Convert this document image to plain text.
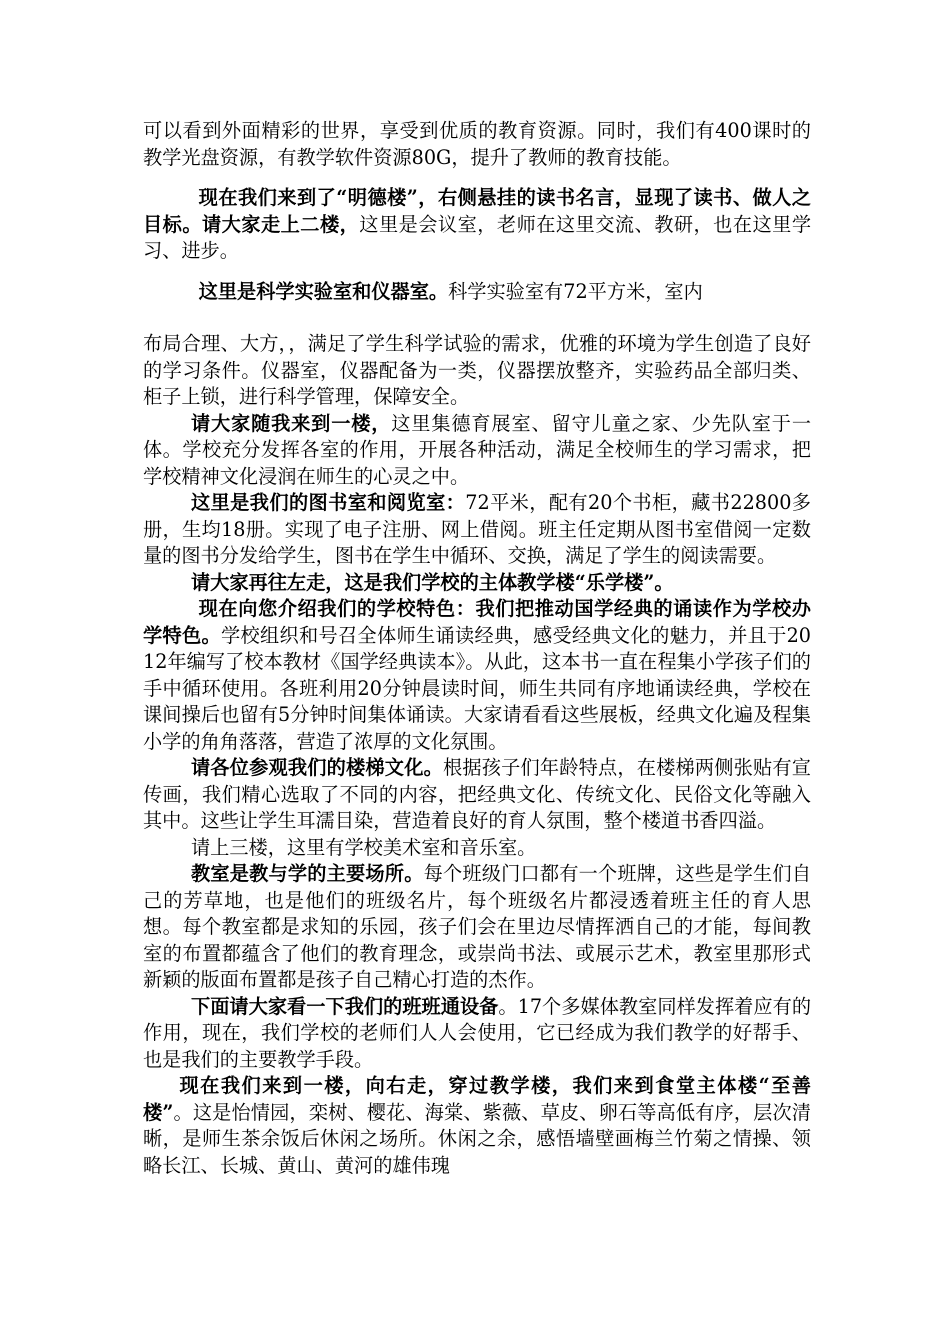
可以看到外面精彩的世界，享受到优质的教育资源。同时，我们有400课时的教学光盘资源，有教学软件资源80G，提升了教师的教育技能。

现在我们来到了“明德楼”，右侧悬挂的读书名言，显现了读书、做人之目标。请大家走上二楼，这里是会议室，老师在这里交流、教研，也在这里学习、进步。

这里是科学实验室和仪器室。科学实验室有72平方米，室内

布局合理、大方，，满足了学生科学试验的需求，优雅的环境为学生创造了良好的学习条件。仪器室，仪器配备为一类，仪器摆放整齐，实验药品全部归类、柜子上锁，进行科学管理，保障安全。

请大家随我来到一楼，这里集德育展室、留守儿童之家、少先队室于一体。学校充分发挥各室的作用，开展各种活动，满足全校师生的学习需求，把学校精神文化浸润在师生的心灵之中。

这里是我们的图书室和阅览室：72平米，配有20个书柜，藏书22800多册，生均18册。实现了电子注册、网上借阅。班主任定期从图书室借阅一定数量的图书分发给学生，图书在学生中循环、交换，满足了学生的阅读需要。

请大家再往左走，这是我们学校的主体教学楼“乐学楼”。

现在向您介绍我们的学校特色：我们把推动国学经典的诵读作为学校办学特色。学校组织和号召全体师生诵读经典，感受经典文化的魅力，并且于2012年编写了校本教材《国学经典读本》。从此，这本书一直在程集小学孩子们的手中循环使用。各班利用20分钟晨读时间，师生共同有序地诵读经典，学校在课间操后也留有5分钟时间集体诵读。大家请看看这些展板，经典文化遍及程集小学的角角落落，营造了浓厚的文化氛围。

请各位参观我们的楼梯文化。根据孩子们年龄特点，在楼梯两侧张贴有宣传画，我们精心选取了不同的内容，把经典文化、传统文化、民俗文化等融入其中。这些让学生耳濡目染，营造着良好的育人氛围，整个楼道书香四溢。

请上三楼，这里有学校美术室和音乐室。

教室是教与学的主要场所。每个班级门口都有一个班牌，这些是学生们自己的芳草地，也是他们的班级名片，每个班级名片都浸透着班主任的育人思想。每个教室都是求知的乐园，孩子们会在里边尽情挥洒自己的才能，每间教室的布置都蕴含了他们的教育理念，或崇尚书法、或展示艺术，教室里那形式新颖的版面布置都是孩子自己精心打造的杰作。

下面请大家看一下我们的班班通设备。17个多媒体教室同样发挥着应有的作用，现在，我们学校的老师们人人会使用，它已经成为我们教学的好帮手、也是我们的主要教学手段。

现在我们来到一楼，向右走，穿过教学楼，我们来到食堂主体楼“至善楼”。这是怡情园，栾树、樱花、海棠、紫薇、草皮、卵石等高低有序，层次清晰，是师生茶余饭后休闲之场所。休闲之余，感悟墙壁画梅兰竹菊之情操、领略长江、长城、黄山、黄河的雄伟瑰
